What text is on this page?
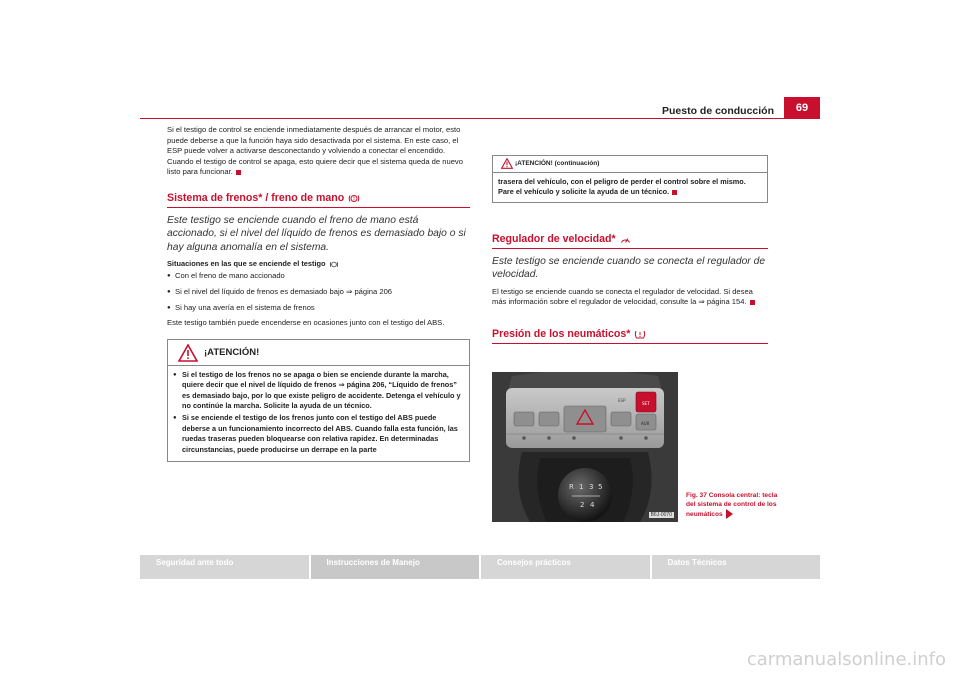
Puesto de conducción	69

Si el testigo de control se enciende inmediatamente después de arrancar el motor, esto puede deberse a que la función haya sido desactivada por el sistema. En este caso, el ESP puede volver a activarse desconectando y volviendo a conectar el encendido. Cuando el testigo de control se apaga, esto quiere decir que el sistema queda de nuevo listo para funcionar.

Sistema de frenos* / freno de mano !

Este testigo se enciende cuando el freno de mano está accionado, si el nivel del líquido de frenos es demasiado bajo o si hay alguna anomalía en el sistema.

Situaciones en las que se enciende el testigo
● Con el freno de mano accionado
● Si el nivel del líquido de frenos es demasiado bajo ⇒ página 206
● Si hay una avería en el sistema de frenos

Este testigo también puede encenderse en ocasiones junto con el testigo del ABS.

¡ATENCIÓN!
● Si el testigo de los frenos no se apaga o bien se enciende durante la marcha, quiere decir que el nivel de líquido de frenos ⇒ página 206, “Líquido de frenos” es demasiado bajo, por lo que existe peligro de accidente. Detenga el vehículo y no continúe la marcha. Solicite la ayuda de un técnico.
● Si se enciende el testigo de los frenos junto con el testigo del ABS puede deberse a un funcionamiento incorrecto del ABS. Cuando falla esta función, las ruedas traseras pueden bloquearse con relativa rapidez. En determinadas circunstancias, puede producirse un derrape en la parte
¡ATENCIÓN! (continuación)
trasera del vehículo, con el peligro de perder el control sobre el mismo. Pare el vehículo y solicite la ayuda de un técnico.
Regulador de velocidad*

Este testigo se enciende cuando se conecta el regulador de velocidad.

El testigo se enciende cuando se conecta el regulador de velocidad. Si desea más información sobre el regulador de velocidad, consulte la ⇒ página 154.

Presión de los neumáticos*
ESP
SET
AUX
R 1 3 5
2 4
B6J-0070
Fig. 37 Consola central: tecla del sistema de control de los neumáticos
Seguridad ante todo	Instrucciones de Manejo	Consejos prácticos	Datos Técnicos
carmanualsonline.info
